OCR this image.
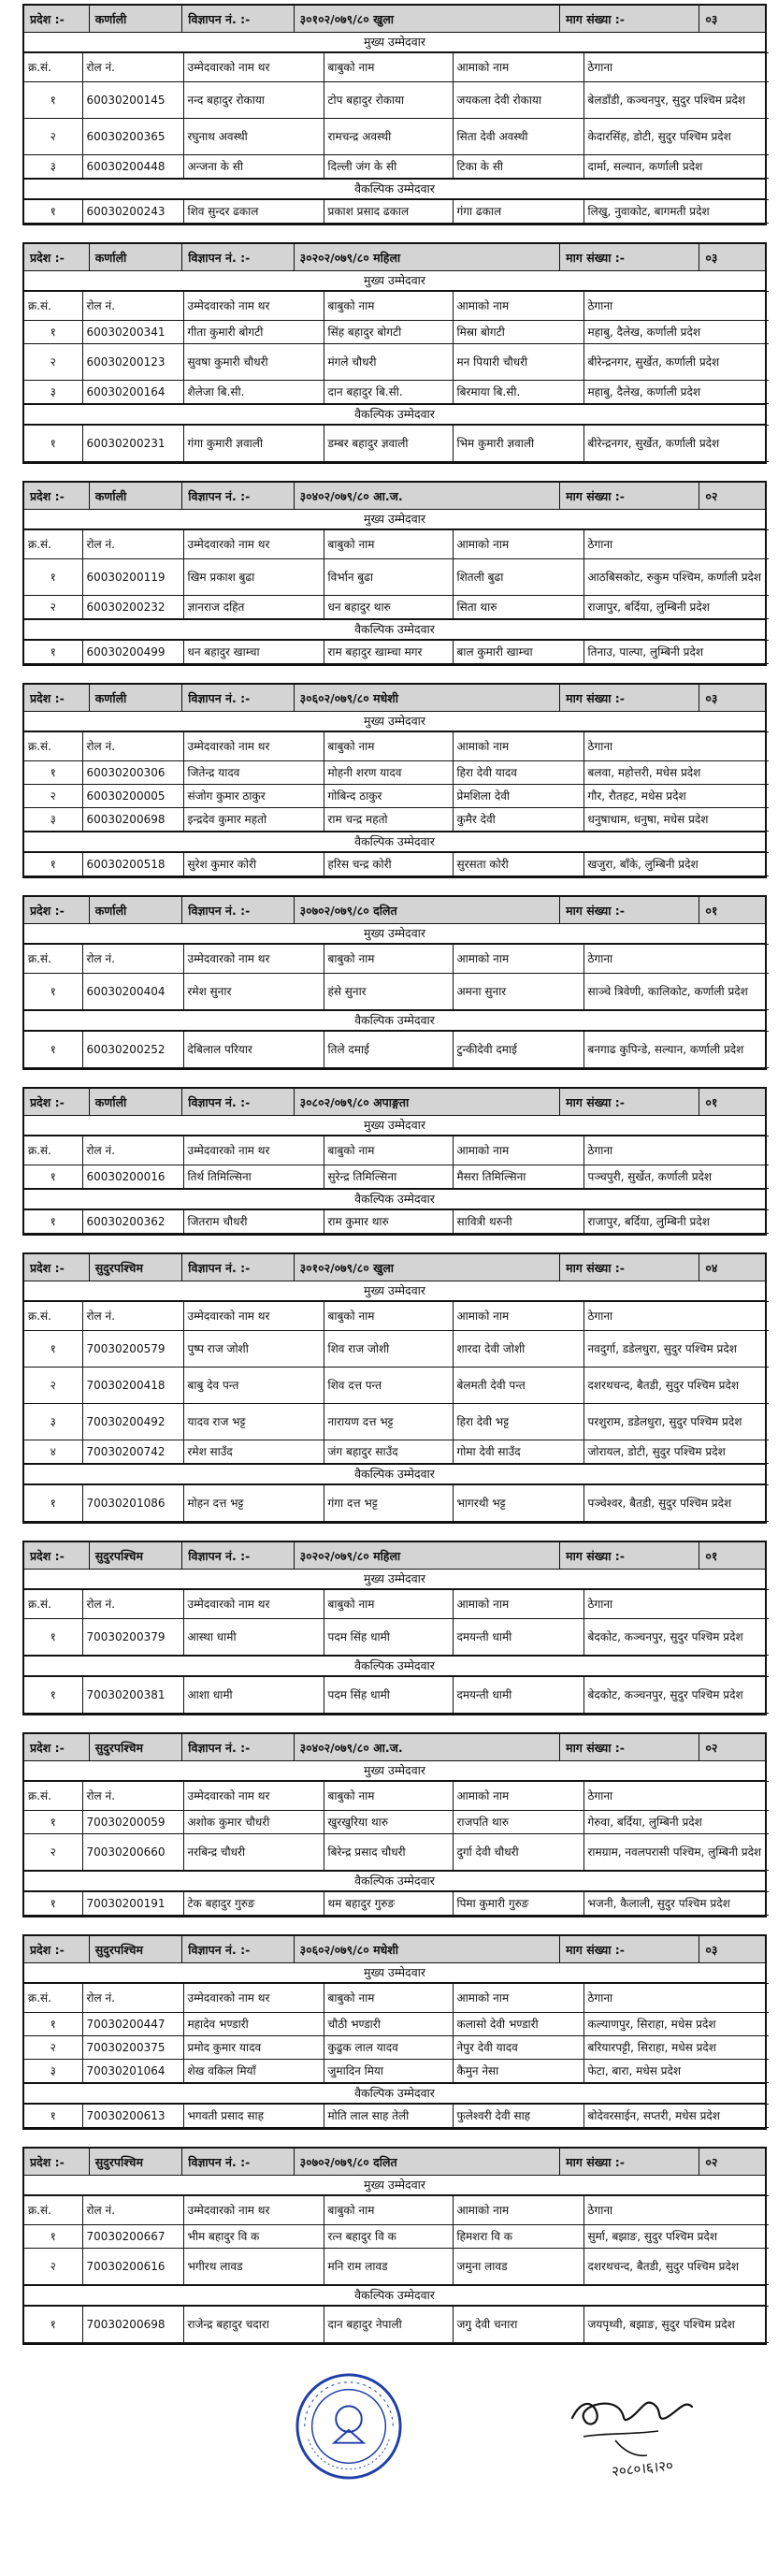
प्रदेश :-	कर्णाली	विज्ञापन नं. :-	३०१०२/०७९/८० खुला	माग संख्या :-	०३
मुख्य उम्मेदवार
क्र.सं.	रोल नं.	उम्मेदवारको नाम थर	बाबुको नाम	आमाको नाम	ठेगाना
१	60030200145	नन्द बहादुर रोकाया	टोप बहादुर रोकाया	जयकला देवी रोकाया	बेलडाँडी, कञ्चनपुर, सुदुर पश्चिम प्रदेश
२	60030200365	रघुनाथ अवस्थी	रामचन्द्र अवस्थी	सिता देवी अवस्थी	केदारसिंह, डोटी, सुदुर पश्चिम प्रदेश
३	60030200448	अन्जना के सी	दिल्ली जंग के सी	टिका के सी	दार्मा, सल्यान, कर्णाली प्रदेश
वैकल्पिक उम्मेदवार
१	60030200243	शिव सुन्दर ढकाल	प्रकाश प्रसाद ढकाल	गंगा ढकाल	लिखु, नुवाकोट, बागमती प्रदेश
प्रदेश :-	कर्णाली	विज्ञापन नं. :-	३०२०२/०७९/८० महिला	माग संख्या :-	०३
मुख्य उम्मेदवार
क्र.सं.	रोल नं.	उम्मेदवारको नाम थर	बाबुको नाम	आमाको नाम	ठेगाना
१	60030200341	गीता कुमारी बोगटी	सिंह बहादुर बोगटी	मिस्रा बोगटी	महाबु, दैलेख, कर्णाली प्रदेश
२	60030200123	सुवषा कुमारी चौधरी	मंगले चौधरी	मन पियारी चौधरी	बीरेन्द्रनगर, सुर्खेत, कर्णाली प्रदेश
३	60030200164	शैलेजा बि.सी.	दान बहादुर बि.सी.	बिरमाया बि.सी.	महाबु, दैलेख, कर्णाली प्रदेश
वैकल्पिक उम्मेदवार
१	60030200231	गंगा कुमारी ज्ञवाली	डम्बर बहादुर ज्ञवाली	भिम कुमारी ज्ञवाली	बीरेन्द्रनगर, सुर्खेत, कर्णाली प्रदेश
प्रदेश :-	कर्णाली	विज्ञापन नं. :-	३०४०२/०७९/८० आ.ज.	माग संख्या :-	०२
मुख्य उम्मेदवार
क्र.सं.	रोल नं.	उम्मेदवारको नाम थर	बाबुको नाम	आमाको नाम	ठेगाना
१	60030200119	खिम प्रकाश बुढा	विर्भान बुढा	शितली बुढा	आठबिसकोट, रुकुम पश्चिम, कर्णाली प्रदेश
२	60030200232	ज्ञानराज दहित	धन बहादुर थारु	सिता थारु	राजापुर, बर्दिया, लुम्बिनी प्रदेश
वैकल्पिक उम्मेदवार
१	60030200499	धन बहादुर खाम्चा	राम बहादुर खाम्चा मगर	बाल कुमारी खाम्चा	तिनाउ, पाल्पा, लुम्बिनी प्रदेश
प्रदेश :-	कर्णाली	विज्ञापन नं. :-	३०६०२/०७९/८० मधेशी	माग संख्या :-	०३
मुख्य उम्मेदवार
क्र.सं.	रोल नं.	उम्मेदवारको नाम थर	बाबुको नाम	आमाको नाम	ठेगाना
१	60030200306	जितेन्द्र यादव	मोहनी शरण यादव	हिरा देवी यादव	बलवा, महोत्तरी, मधेस प्रदेश
२	60030200005	संजोग कुमार ठाकुर	गोबिन्द ठाकुर	प्रेमशिला देवी	गौर, रौतहट, मधेस प्रदेश
३	60030200698	इन्द्रदेव कुमार महतो	राम चन्द्र महतो	कुमैर देवी	धनुषाधाम, धनुषा, मधेस प्रदेश
वैकल्पिक उम्मेदवार
१	60030200518	सुरेश कुमार कोरी	हरिस चन्द्र कोरी	सुरसता कोरी	खजुरा, बाँके, लुम्बिनी प्रदेश
प्रदेश :-	कर्णाली	विज्ञापन नं. :-	३०७०२/०७९/८० दलित	माग संख्या :-	०१
मुख्य उम्मेदवार
क्र.सं.	रोल नं.	उम्मेदवारको नाम थर	बाबुको नाम	आमाको नाम	ठेगाना
१	60030200404	रमेश सुनार	हंसे सुनार	अमना सुनार	साञ्चे त्रिवेणी, कालिकोट, कर्णाली प्रदेश
वैकल्पिक उम्मेदवार
१	60030200252	देबिलाल परियार	तिले दमाई	टुन्कीदेवी दमाई	बनगाढ कुपिन्डे, सल्यान, कर्णाली प्रदेश
प्रदेश :-	कर्णाली	विज्ञापन नं. :-	३०८०२/०७९/८० अपाङ्गता	माग संख्या :-	०१
मुख्य उम्मेदवार
क्र.सं.	रोल नं.	उम्मेदवारको नाम थर	बाबुको नाम	आमाको नाम	ठेगाना
१	60030200016	तिर्थ तिमिल्सिना	सुरेन्द्र तिमिल्सिना	मैसरा तिमिल्सिना	पञ्चपुरी, सुर्खेत, कर्णाली प्रदेश
वैकल्पिक उम्मेदवार
१	60030200362	जितराम चौधरी	राम कुमार थारु	सावित्री थरुनी	राजापुर, बर्दिया, लुम्बिनी प्रदेश
प्रदेश :-	सुदुरपश्चिम	विज्ञापन नं. :-	३०१०२/०७९/८० खुला	माग संख्या :-	०४
मुख्य उम्मेदवार
क्र.सं.	रोल नं.	उम्मेदवारको नाम थर	बाबुको नाम	आमाको नाम	ठेगाना
१	70030200579	पुष्प राज जोशी	शिव राज जोशी	शारदा देवी जोशी	नवदुर्गा, डडेलधुरा, सुदुर पश्चिम प्रदेश
२	70030200418	बाबु देव पन्त	शिव दत्त पन्त	बेलमती देवी पन्त	दशरथचन्द, बैतडी, सुदुर पश्चिम प्रदेश
३	70030200492	यादव राज भट्ट	नारायण दत्त भट्ट	हिरा देवी भट्ट	परशुराम, डडेलधुरा, सुदुर पश्चिम प्रदेश
४	70030200742	रमेश साउँद	जंग बहादुर साउँद	गोमा देवी साउँद	जोरायल, डोटी, सुदुर पश्चिम प्रदेश
वैकल्पिक उम्मेदवार
१	70030201086	मोहन दत्त भट्ट	गंगा दत्त भट्ट	भागरथी भट्ट	पञ्चेश्वर, बैतडी, सुदुर पश्चिम प्रदेश
प्रदेश :-	सुदुरपश्चिम	विज्ञापन नं. :-	३०२०२/०७९/८० महिला	माग संख्या :-	०१
मुख्य उम्मेदवार
क्र.सं.	रोल नं.	उम्मेदवारको नाम थर	बाबुको नाम	आमाको नाम	ठेगाना
१	70030200379	आस्था धामी	पदम सिंह धामी	दमयन्ती धामी	बेदकोट, कञ्चनपुर, सुदुर पश्चिम प्रदेश
वैकल्पिक उम्मेदवार
१	70030200381	आशा धामी	पदम सिंह धामी	दमयन्ती धामी	बेदकोट, कञ्चनपुर, सुदुर पश्चिम प्रदेश
प्रदेश :-	सुदुरपश्चिम	विज्ञापन नं. :-	३०४०२/०७९/८० आ.ज.	माग संख्या :-	०२
मुख्य उम्मेदवार
क्र.सं.	रोल नं.	उम्मेदवारको नाम थर	बाबुको नाम	आमाको नाम	ठेगाना
१	70030200059	अशोक कुमार चौधरी	खुरखुरिया थारु	राजपति थारु	गेरुवा, बर्दिया, लुम्बिनी प्रदेश
२	70030200660	नरबिन्द्र चौधरी	बिरेन्द्र प्रसाद चौधरी	दुर्गा देवी चौधरी	रामग्राम, नवलपरासी पश्चिम, लुम्बिनी प्रदेश
वैकल्पिक उम्मेदवार
१	70030200191	टेक बहादुर गुरुङ	थम बहादुर गुरुङ	पिमा कुमारी गुरुङ	भजनी, कैलाली, सुदुर पश्चिम प्रदेश
प्रदेश :-	सुदुरपश्चिम	विज्ञापन नं. :-	३०६०२/०७९/८० मधेशी	माग संख्या :-	०३
मुख्य उम्मेदवार
क्र.सं.	रोल नं.	उम्मेदवारको नाम थर	बाबुको नाम	आमाको नाम	ठेगाना
१	70030200447	महादेव भण्डारी	चौठी भण्डारी	कलासो देवी भण्डारी	कल्याणपुर, सिराहा, मधेस प्रदेश
२	70030200375	प्रमोद कुमार यादव	कुढुक लाल यादव	नेपुर देवी यादव	बरियारपट्टी, सिराहा, मधेस प्रदेश
३	70030201064	शेख वकिल मियाँ	जुमादिन मिया	कैमुन नेसा	फेटा, बारा, मधेस प्रदेश
वैकल्पिक उम्मेदवार
१	70030200613	भगवती प्रसाद साह	मोति लाल साह तेली	फुलेश्वरी देवी साह	बोदेवरसाईन, सप्तरी, मधेस प्रदेश
प्रदेश :-	सुदुरपश्चिम	विज्ञापन नं. :-	३०७०२/०७९/८० दलित	माग संख्या :-	०२
मुख्य उम्मेदवार
क्र.सं.	रोल नं.	उम्मेदवारको नाम थर	बाबुको नाम	आमाको नाम	ठेगाना
१	70030200667	भीम बहादुर वि क	रत्न बहादुर वि क	हिमशरा वि क	सुर्मा, बझाङ, सुदुर पश्चिम प्रदेश
२	70030200616	भगीरथ लावड	मनि राम लावड	जमुना लावड	दशरथचन्द, बैतडी, सुदुर पश्चिम प्रदेश
वैकल्पिक उम्मेदवार
१	70030200698	राजेन्द्र बहादुर चदारा	दान बहादुर नेपाली	जगु देवी चनारा	जयपृथ्वी, बझाङ, सुदुर पश्चिम प्रदेश
२०८०।६।२०
